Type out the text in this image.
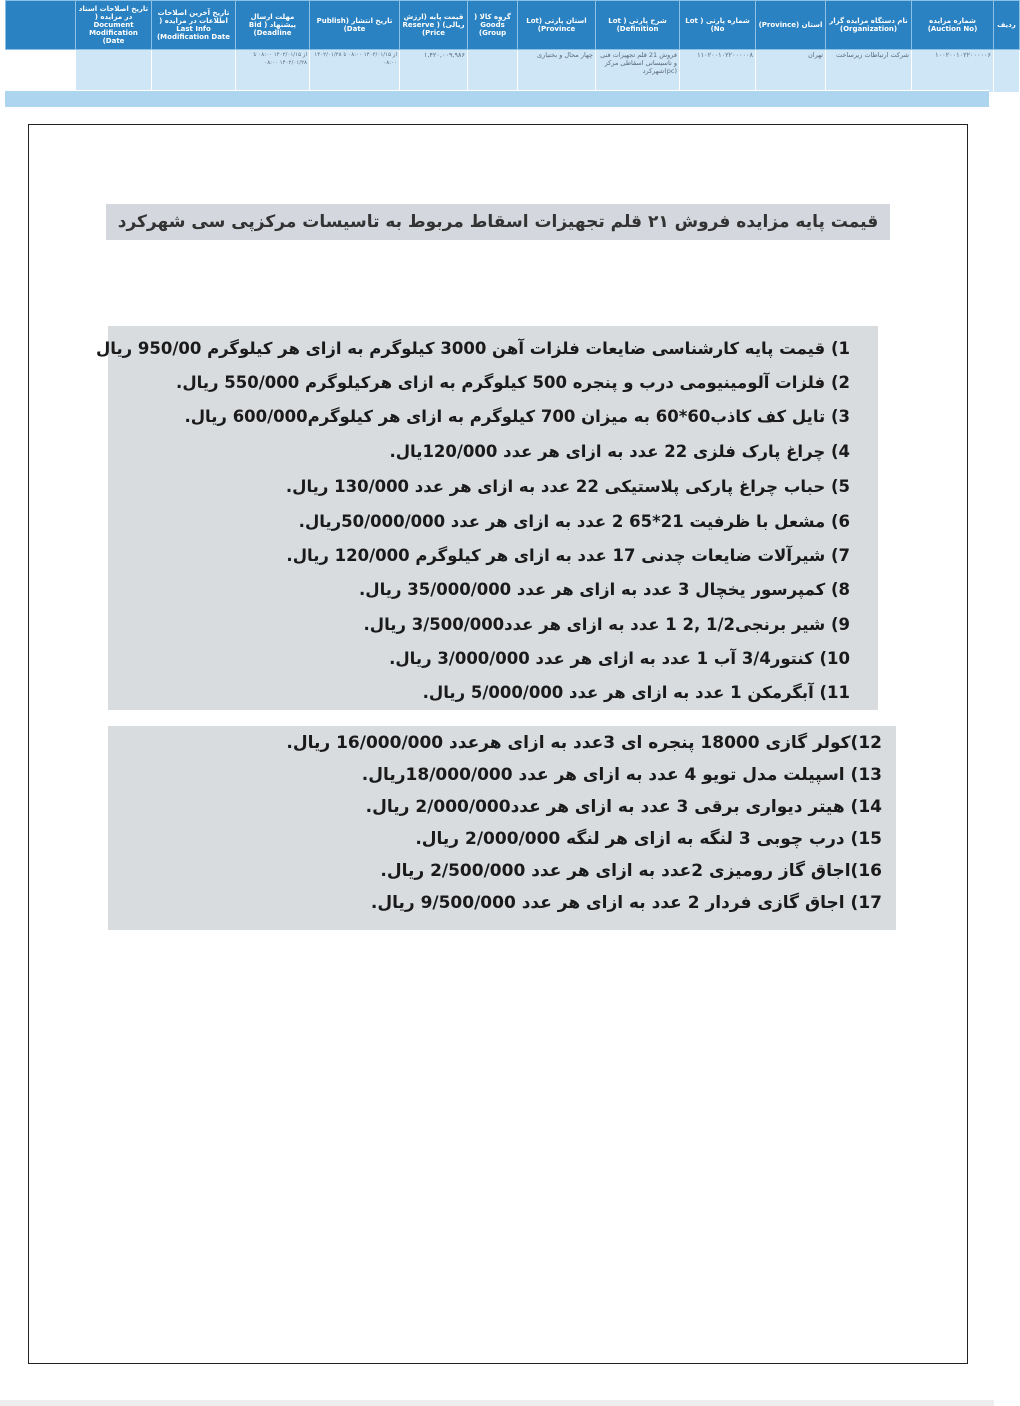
ردیف	شماره مزایده (Auction No)	نام دستگاه مزایده گزار (Organization)	استان (Province)	شماره پارتی ( Lot No)	شرح پارتی ( Lot Definition)	استان پارتی (Lot Province)	گروه کالا ( Goods Group)	قیمت پایه (ارزش ریالی) ( Reserve Price)	تاریخ انتشار (Publish Date)	مهلت ارسال پیشنهاد ( Bid Deadline)	تاریخ آخرین اصلاحات اطلاعات در مزایده ( Last Info Modification Date)	تاریخ اصلاحات اسناد در مزایده ( Document Modification Date)	
	۱۰۰۲۰۰۱۰۲۲۰۰۰۰۰۶	شرکت ارتباطات زیرساخت	تهران	۱۱۰۲۰۰۱۰۲۲۰۰۰۰۰۸	فروش 21 قلم تجهیزات فنی و تاسیساتی اسقاطی مرکز (pc)شهرکرد	چهار محال و بختیاری		۱,۴۲۰,۰۰۹,۹۸۶	از ۱۴۰۲/۰۱/۱۵ ۰۸:۰۰ تا ۱۴۰۲/۰۱/۲۸ ۰۸:۰۰	از ۱۴۰۲/۰۱/۱۵ ۰۸:۰۰ تا ۱۴۰۲/۰۱/۲۸ ۰۸:۰۰			
قیمت پایه مزایده فروش ۲۱ قلم تجهیزات اسقاط مربوط به تاسیسات مرکزپی سی شهرکرد
1) قیمت پایه کارشناسی ضایعات فلزات آهن 3000 کیلوگرم به ازای هر کیلوگرم 950/00 ریال
2) فلزات آلومینیومی درب و پنجره 500 کیلوگرم به ازای هرکیلوگرم 550/000 ریال.
3) تایل کف کاذب60*60 به میزان 700 کیلوگرم به ازای هر کیلوگرم600/000 ریال.
4) چراغ پارک فلزی 22 عدد به ازای هر عدد 120/000یال.
5) حباب چراغ پارکی پلاستیکی 22 عدد به ازای هر عدد 130/000 ریال.
6) مشعل با ظرفیت 21*65 2 عدد به ازای هر عدد 50/000/000ریال.
7) شیرآلات ضایعات چدنی 17 عدد به ازای هر کیلوگرم 120/000 ریال.
8) کمپرسور یخچال 3 عدد به ازای هر عدد 35/000/000 ریال.
9) شیر برنجی1/2 ,2 1 عدد به ازای هر عدد3/500/000 ریال.
10) کنتور3/4 آب 1 عدد به ازای هر عدد 3/000/000 ریال.
11) آبگرمکن 1 عدد به ازای هر عدد 5/000/000 ریال.
12)کولر گازی 18000 پنجره ای 3عدد به ازای هرعدد 16/000/000 ریال.
13) اسپیلت مدل تویو 4 عدد به ازای هر عدد 18/000/000ریال.
14) هیتر دیواری برقی 3 عدد به ازای هر عدد2/000/000 ریال.
15) درب چوبی 3 لنگه به ازای هر لنگه 2/000/000 ریال.
16)اجاق گاز رومیزی 2عدد به ازای هر عدد 2/500/000 ریال.
17) اجاق گازی فردار 2 عدد به ازای هر عدد 9/500/000 ریال.
